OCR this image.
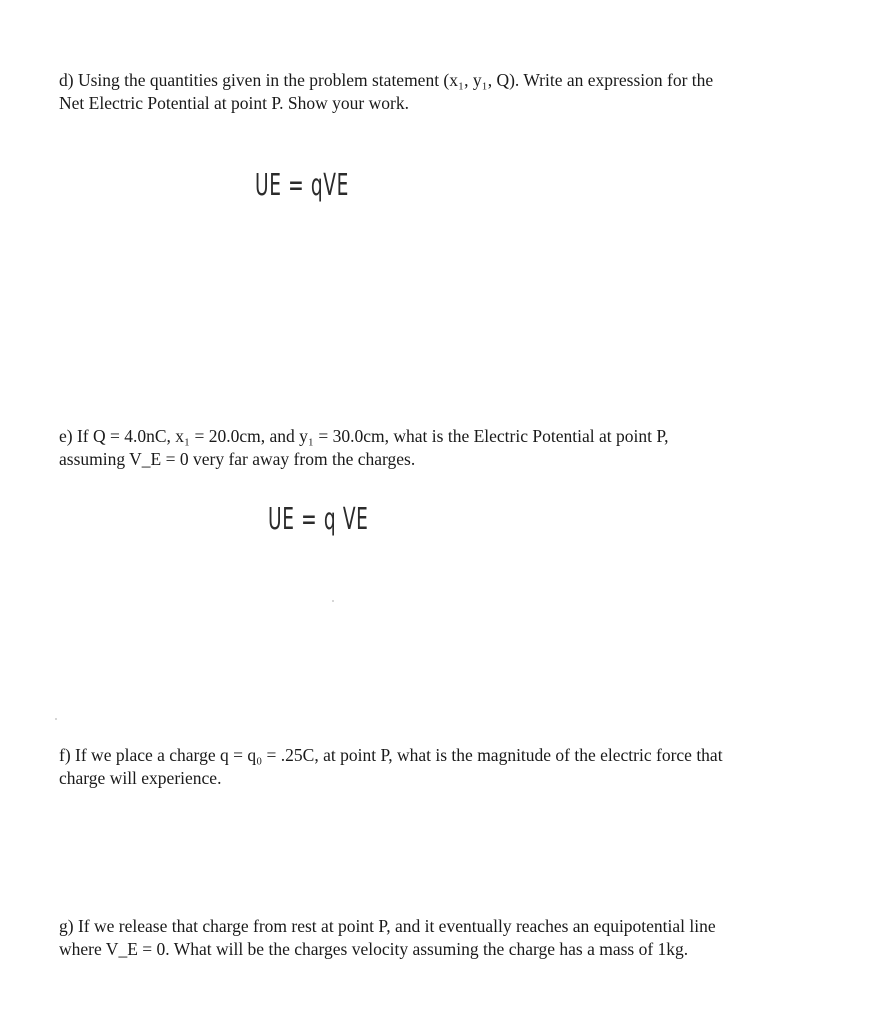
d) Using the quantities given in the problem statement (x₁, y₁, Q). Write an expression for the
Net Electric Potential at point P. Show your work.
UE = qVE
e) If Q = 4.0nC, x₁ = 20.0cm, and y₁ = 30.0cm, what is the Electric Potential at point P,
assuming V_E = 0 very far away from the charges.
UE = q VE
f) If we place a charge q = q₀ = .25C, at point P, what is the magnitude of the electric force that
charge will experience.
g) If we release that charge from rest at point P, and it eventually reaches an equipotential line
where V_E = 0. What will be the charges velocity assuming the charge has a mass of 1kg.
